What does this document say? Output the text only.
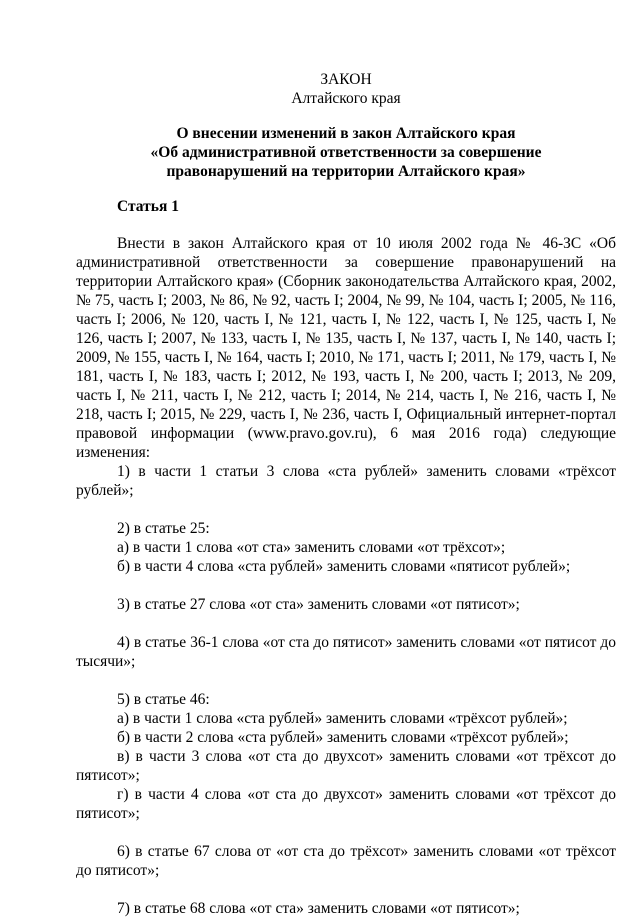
ЗАКОН
Алтайского края
О внесении изменений в закон Алтайского края
«Об административной ответственности за совершение
правонарушений на территории Алтайского края»
Статья 1

Внести в закон Алтайского края от 10 июля 2002 года № 46-ЗС «Об административной ответственности за совершение правонарушений на территории Алтайского края» (Сборник законодательства Алтайского края, 2002, № 75, часть I; 2003, № 86, № 92, часть I; 2004, № 99, № 104, часть I; 2005, № 116, часть I; 2006, № 120, часть I, № 121, часть I, № 122, часть I, № 125, часть I, № 126, часть I; 2007, № 133, часть I, № 135, часть I, № 137, часть I, № 140, часть I; 2009, № 155, часть I, № 164, часть I; 2010, № 171, часть I; 2011, № 179, часть I, № 181, часть I, № 183, часть I; 2012, № 193, часть I, № 200, часть I; 2013, № 209, часть I, № 211, часть I, № 212, часть I; 2014, № 214, часть I, № 216, часть I, № 218, часть I; 2015, № 229, часть I, № 236, часть I, Официальный интернет-портал правовой информации (www.pravo.gov.ru), 6 мая 2016 года) следующие изменения:

1) в части 1 статьи 3 слова «ста рублей» заменить словами «трёхсот рублей»;

2) в статье 25:

а) в части 1 слова «от ста» заменить словами «от трёхсот»;

б) в части 4 слова «ста рублей» заменить словами «пятисот рублей»;

3) в статье 27 слова «от ста» заменить словами «от пятисот»;

4) в статье 36-1 слова «от ста до пятисот» заменить словами «от пятисот до тысячи»;

5) в статье 46:

а) в части 1 слова «ста рублей» заменить словами «трёхсот рублей»;

б) в части 2 слова «ста рублей» заменить словами «трёхсот рублей»;

в) в части 3 слова «от ста до двухсот» заменить словами «от трёхсот до пятисот»;

г) в части 4 слова «от ста до двухсот» заменить словами «от трёхсот до пятисот»;

6) в статье 67 слова от «от ста до трёхсот» заменить словами «от трёхсот до пятисот»;

7) в статье 68 слова «от ста» заменить словами «от пятисот»;
